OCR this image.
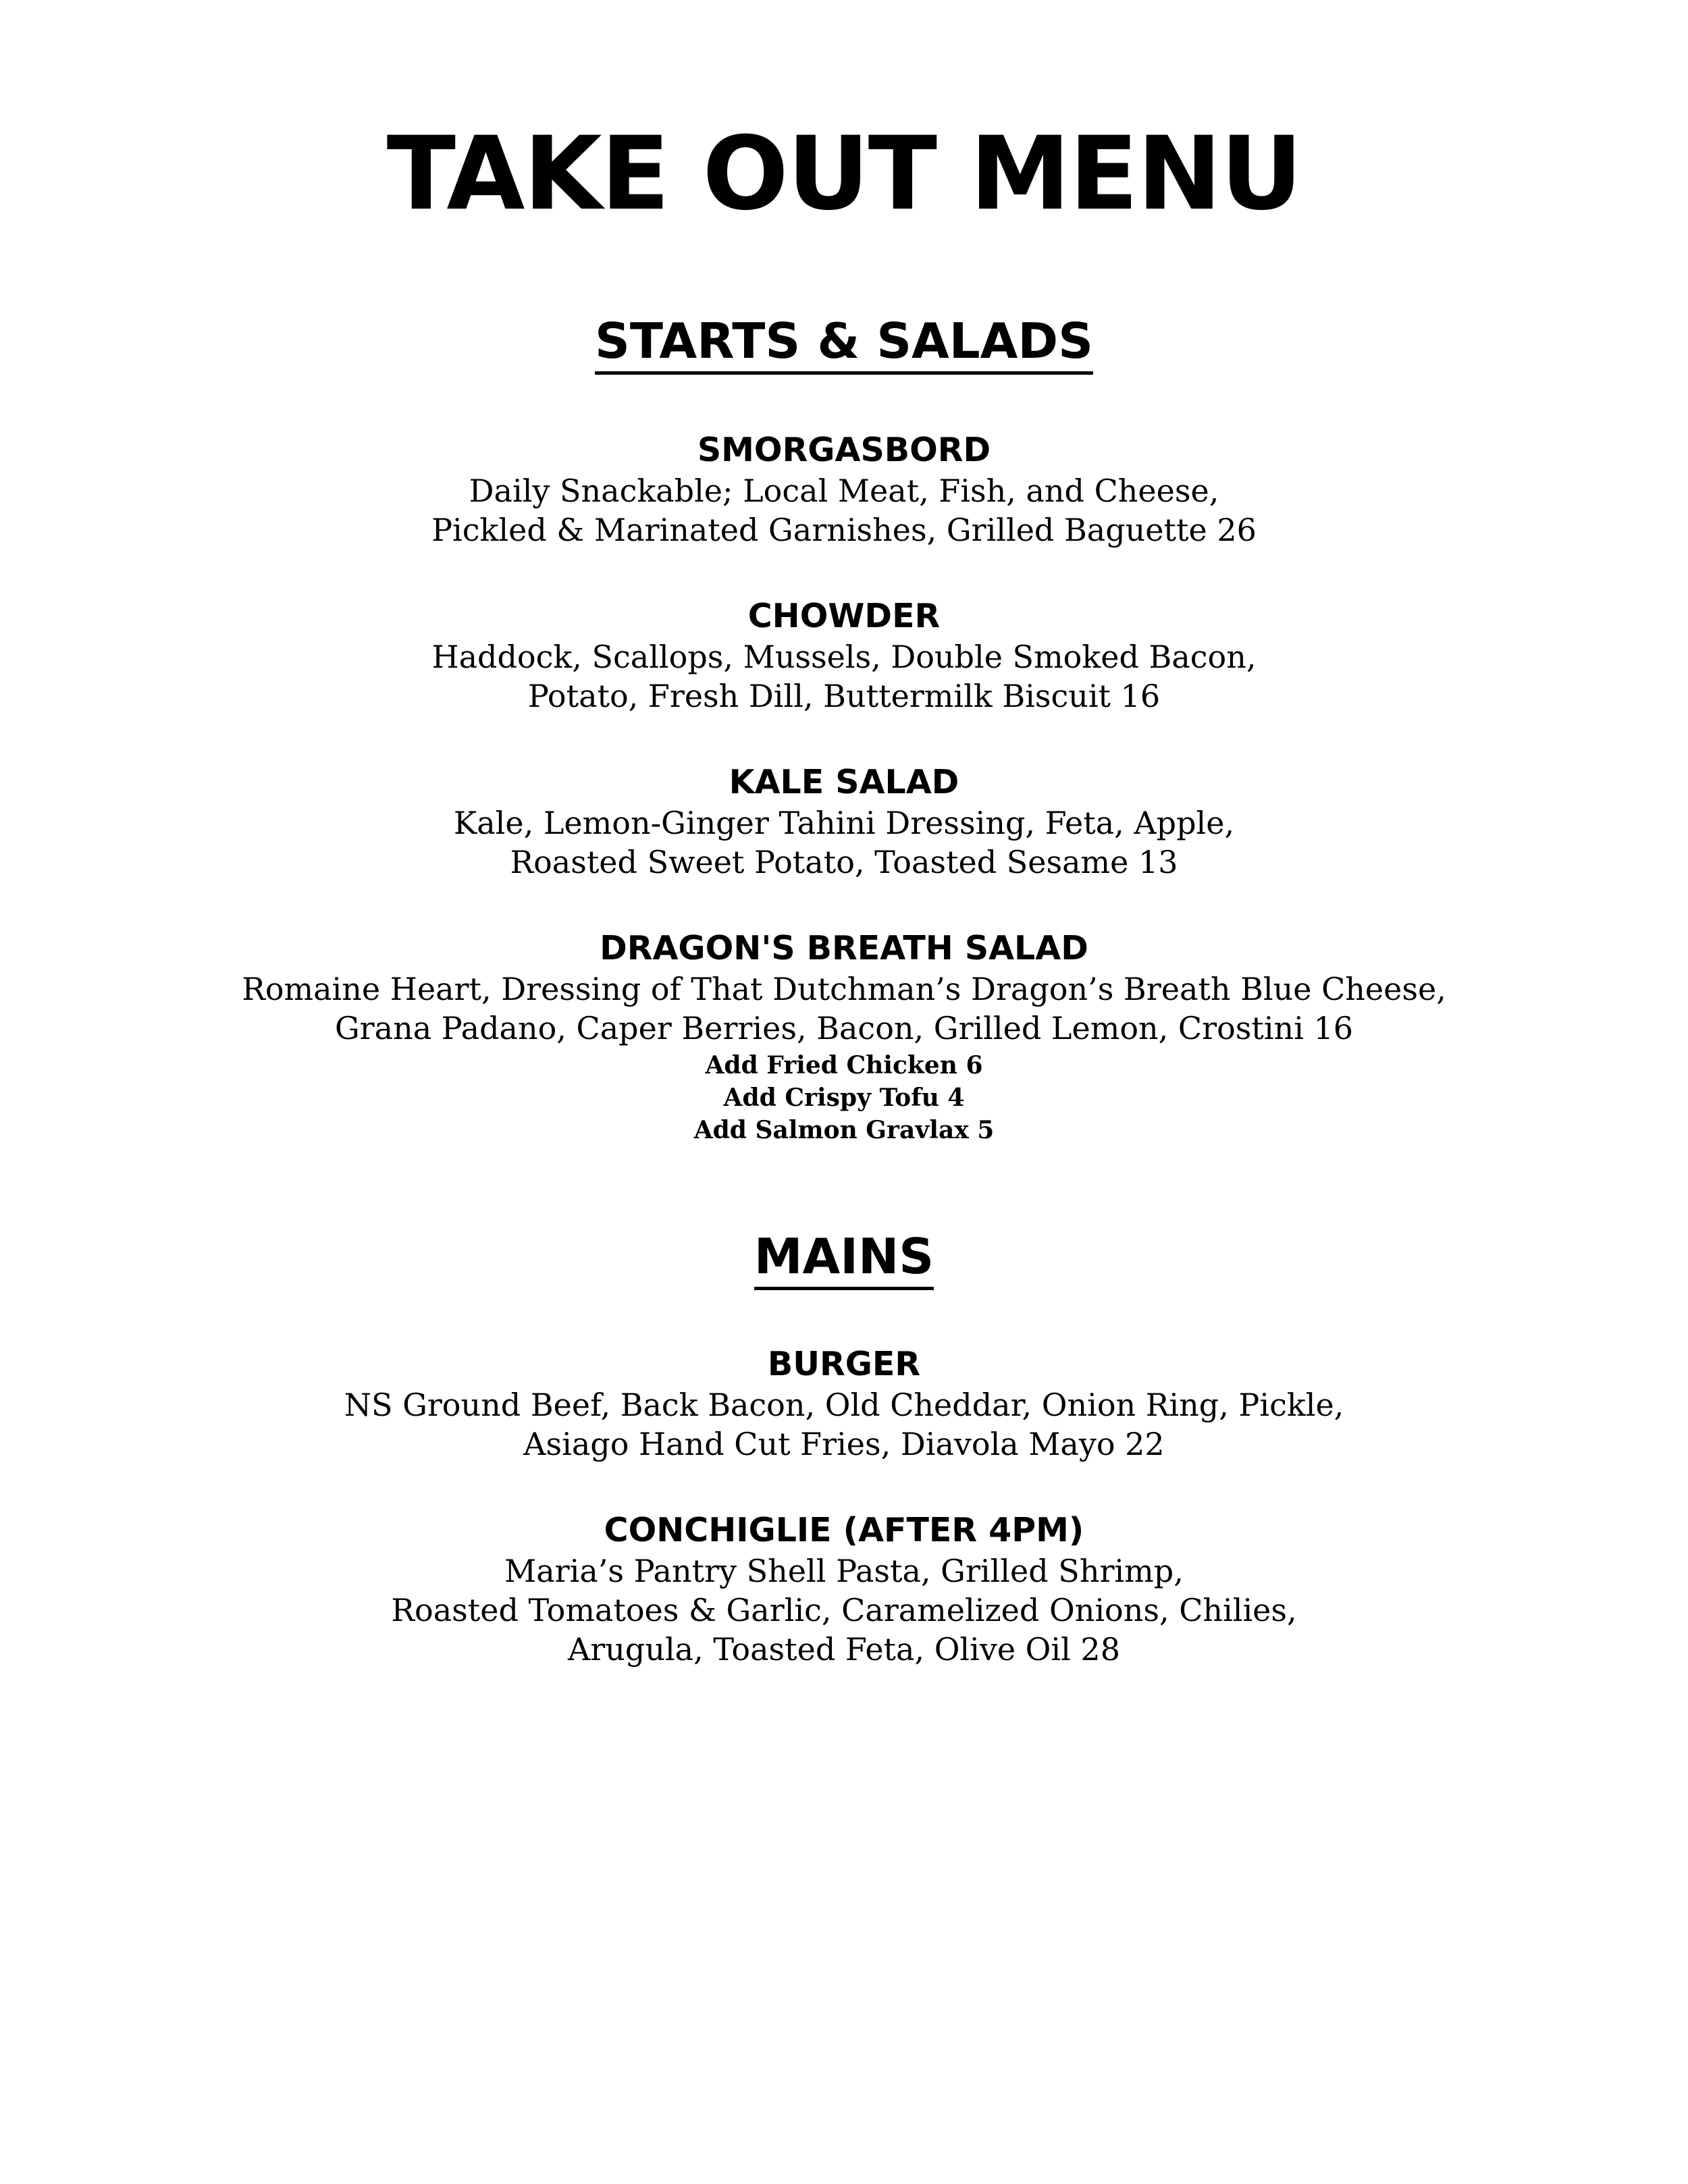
TAKE OUT MENU
STARTS & SALADS

SMORGASBORD

Daily Snackable; Local Meat, Fish, and Cheese,

Pickled & Marinated Garnishes, Grilled Baguette 26

CHOWDER

Haddock, Scallops, Mussels, Double Smoked Bacon,

Potato, Fresh Dill, Buttermilk Biscuit 16

KALE SALAD

Kale, Lemon-Ginger Tahini Dressing, Feta, Apple,

Roasted Sweet Potato, Toasted Sesame 13

DRAGON'S BREATH SALAD

Romaine Heart, Dressing of That Dutchman’s Dragon’s Breath Blue Cheese,

Grana Padano, Caper Berries, Bacon, Grilled Lemon, Crostini 16

Add Fried Chicken 6

Add Crispy Tofu 4

Add Salmon Gravlax 5

MAINS

BURGER

NS Ground Beef, Back Bacon, Old Cheddar, Onion Ring, Pickle,

Asiago Hand Cut Fries, Diavola Mayo 22

CONCHIGLIE (AFTER 4PM)

Maria’s Pantry Shell Pasta, Grilled Shrimp,

Roasted Tomatoes & Garlic, Caramelized Onions, Chilies,

Arugula, Toasted Feta, Olive Oil 28
